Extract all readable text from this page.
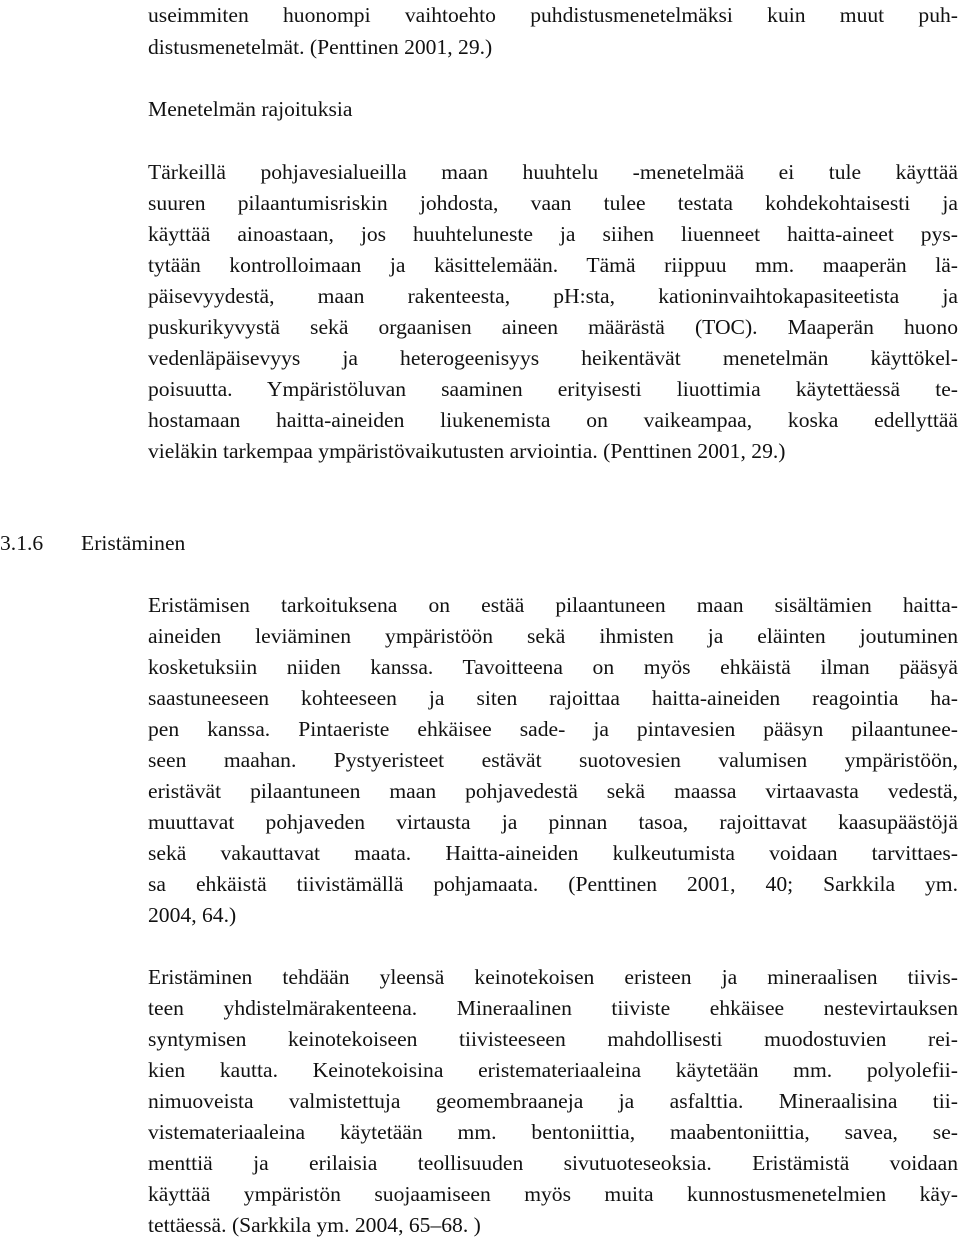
useimmiten huonompi vaihtoehto puhdistusmenetelmäksi kuin muut puh-
distusmenetelmät. (Penttinen 2001, 29.)
Menetelmän rajoituksia
Tärkeillä pohjavesialueilla maan huuhtelu -menetelmää ei tule käyttää
suuren pilaantumisriskin johdosta, vaan tulee testata kohdekohtaisesti ja
käyttää ainoastaan, jos huuhteluneste ja siihen liuenneet haitta-aineet pys-
tytään kontrolloimaan ja käsittelemään. Tämä riippuu mm. maaperän lä-
päisevyydestä, maan rakenteesta, pH:sta, kationinvaihtokapasiteetista ja
puskurikyvystä sekä orgaanisen aineen määrästä (TOC). Maaperän huono
vedenläpäisevyys ja heterogeenisyys heikentävät menetelmän käyttökel-
poisuutta. Ympäristöluvan saaminen erityisesti liuottimia käytettäessä te-
hostamaan haitta-aineiden liukenemista on vaikeampaa, koska edellyttää
vieläkin tarkempaa ympäristövaikutusten arviointia. (Penttinen 2001, 29.)
3.1.6 Eristäminen
Eristämisen tarkoituksena on estää pilaantuneen maan sisältämien haitta-
aineiden leviäminen ympäristöön sekä ihmisten ja eläinten joutuminen
kosketuksiin niiden kanssa. Tavoitteena on myös ehkäistä ilman pääsyä
saastuneeseen kohteeseen ja siten rajoittaa haitta-aineiden reagointia ha-
pen kanssa. Pintaeriste ehkäisee sade- ja pintavesien pääsyn pilaantunee-
seen maahan. Pystyeristeet estävät suotovesien valumisen ympäristöön,
eristävät pilaantuneen maan pohjavedestä sekä maassa virtaavasta vedestä,
muuttavat pohjaveden virtausta ja pinnan tasoa, rajoittavat kaasupäästöjä
sekä vakauttavat maata. Haitta-aineiden kulkeutumista voidaan tarvittaes-
sa ehkäistä tiivistämällä pohjamaata. (Penttinen 2001, 40; Sarkkila ym.
2004, 64.)
Eristäminen tehdään yleensä keinotekoisen eristeen ja mineraalisen tiivis-
teen yhdistelmärakenteena. Mineraalinen tiiviste ehkäisee nestevirtauksen
syntymisen keinotekoiseen tiivisteeseen mahdollisesti muodostuvien rei-
kien kautta. Keinotekoisina eristemateriaaleina käytetään mm. polyolefii-
nimuoveista valmistettuja geomembraaneja ja asfalttia. Mineraalisina tii-
vistemateriaaleina käytetään mm. bentoniittia, maabentoniittia, savea, se-
menttiä ja erilaisia teollisuuden sivutuoteseoksia. Eristämistä voidaan
käyttää ympäristön suojaamiseen myös muita kunnostusmenetelmien käy-
tettäessä. (Sarkkila ym. 2004, 65–68. )
